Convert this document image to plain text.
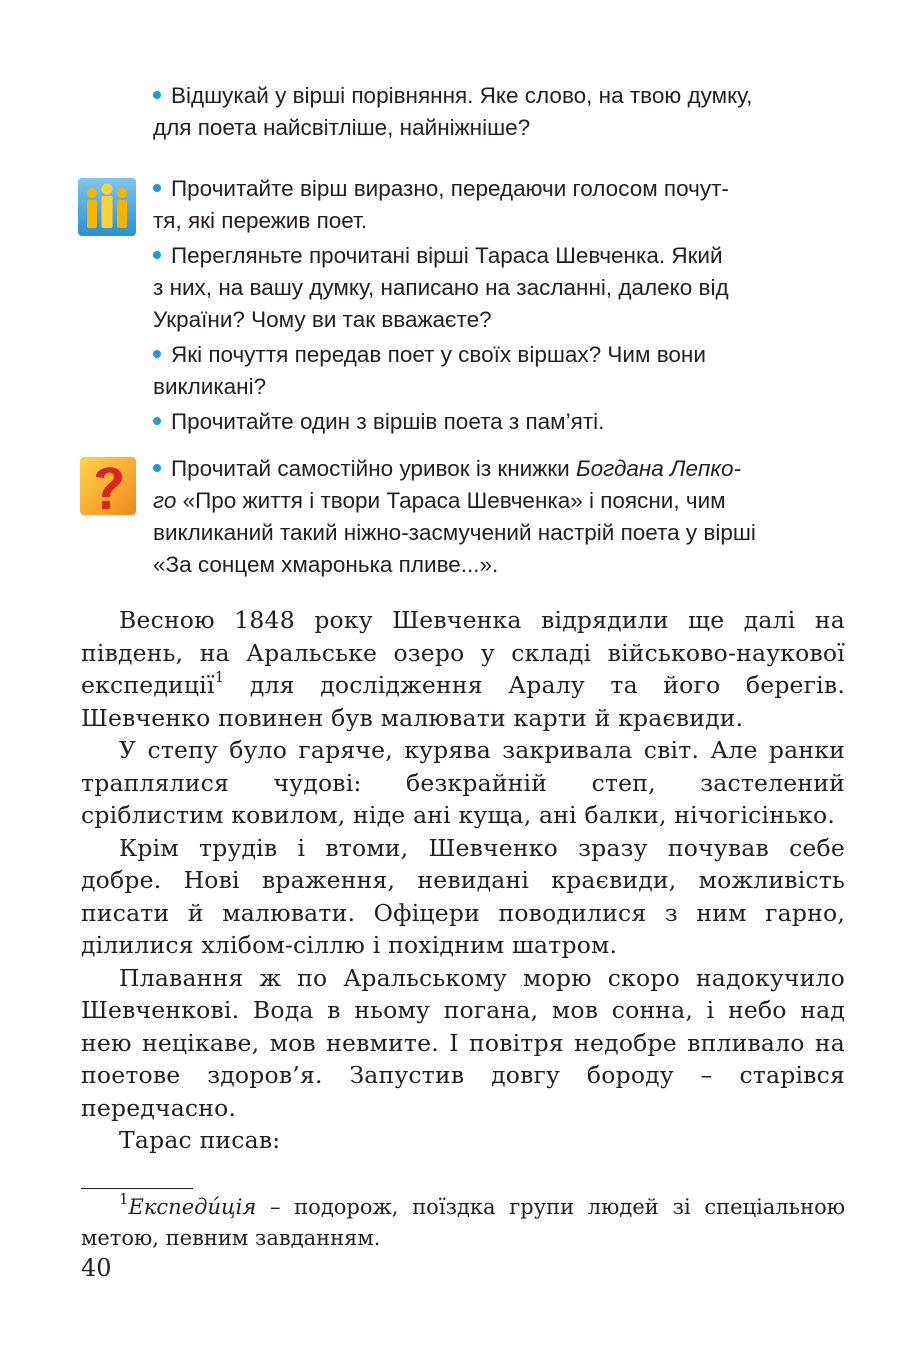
Відшукай у вірші порівняння. Яке слово, на твою думку,

для поета найсвітліше, найніжніше?

Прочитайте вірш виразно, передаючи голосом почут-

тя, які пережив поет.

Перегляньте прочитані вірші Тараса Шевченка. Який

з них, на вашу думку, написано на засланні, далеко від

України? Чому ви так вважаєте?

Які почуття передав поет у своїх віршах? Чим вони

викликані?

Прочитайте один з віршів поета з пам’яті.

Прочитай самостійно уривок із книжки Богдана Лепко-

го «Про життя і твори Тараса Шевченка» і поясни, чим

викликаний такий ніжно-засмучений настрій поета у вірші

«За сонцем хмаронька пливе...».

Весною 1848 року Шевченка відрядили ще далі на південь, на Аральське озеро у складі військово-наукової експедиції$^1$ для дослідження Аралу та його берегів. Шевченко повинен був малювати карти й краєвиди.

У степу було гаряче, курява закривала світ. Але ранки траплялися чудові: безкрайній степ, застелений сріблистим ковилом, ніде ані куща, ані балки, нічогісінько.

Крім трудів і втоми, Шевченко зразу почував себе добре. Нові враження, невидані краєвиди, можливість писати й малювати. Офіцери поводилися з ним гарно, ділилися хлібом-сіллю і похідним шатром.

Плавання ж по Аральському морю скоро надокучило Шевченкові. Вода в ньому погана, мов сонна, і небо над нею нецікаве, мов невмите. І повітря недобре впливало на поетове здоров’я. Запустив довгу бороду – старівся передчасно.

Тарас писав:

$^1$Експеди́ція – подорож, поїздка групи людей зі спеціальною метою, певним завданням.

40
